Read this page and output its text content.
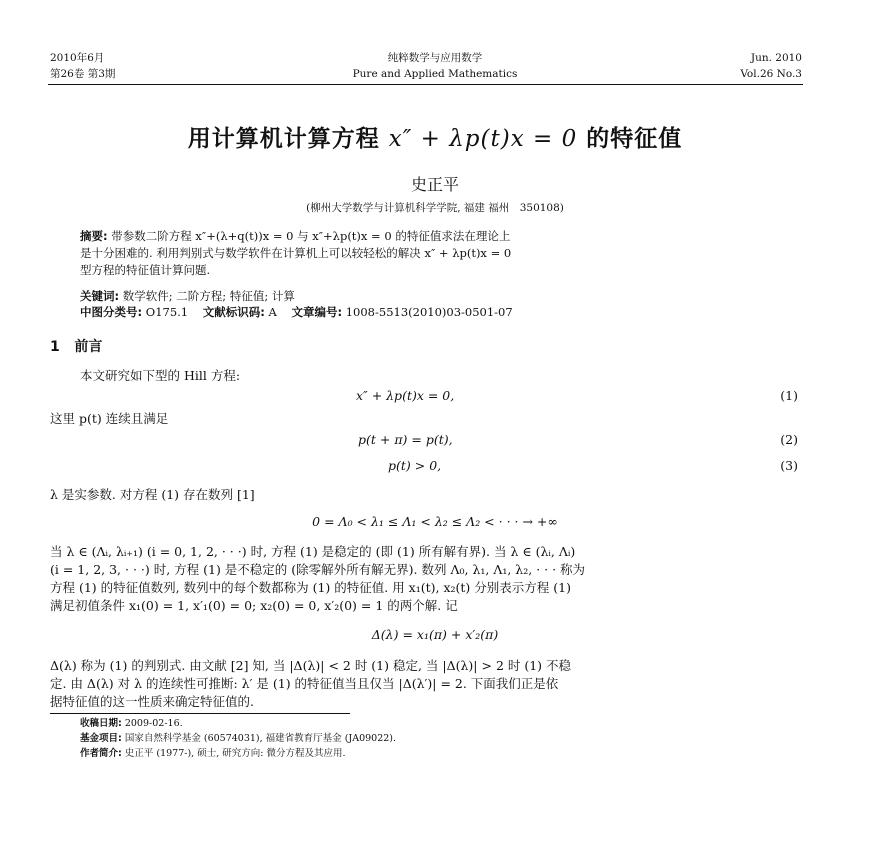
2010年6月
第26卷 第3期
纯粹数学与应用数学
Pure and Applied Mathematics
Jun. 2010
Vol.26 No.3
用计算机计算方程 x″ + λp(t)x = 0 的特征值
史正平
(柳州大学数学与计算机科学学院, 福建 福州　350108)
摘要: 带参数二阶方程 x″+(λ+q(t))x = 0 与 x″+λp(t)x = 0 的特征值求法在理论上
是十分困难的. 利用判别式与数学软件在计算机上可以较轻松的解决 x″ + λp(t)x = 0
型方程的特征值计算问题.
关键词: 数学软件; 二阶方程; 特征值; 计算
中图分类号: O175.1 文献标识码: A 文章编号: 1008-5513(2010)03-0501-07
1 前言
本文研究如下型的 Hill 方程:
x″ + λp(t)x = 0,	(1)
这里 p(t) 连续且满足
p(t + π) = p(t),	(2)
p(t) > 0,	(3)
λ 是实参数. 对方程 (1) 存在数列 [1]
0 = Λ₀ < λ₁ ≤ Λ₁ < λ₂ ≤ Λ₂ < · · · → +∞
当 λ ∈ (Λᵢ, λᵢ₊₁) (i = 0, 1, 2, · · ·) 时, 方程 (1) 是稳定的 (即 (1) 所有解有界). 当 λ ∈ (λᵢ, Λᵢ)
(i = 1, 2, 3, · · ·) 时, 方程 (1) 是不稳定的 (除零解外所有解无界). 数列 Λ₀, λ₁, Λ₁, λ₂, · · · 称为
方程 (1) 的特征值数列, 数列中的每个数都称为 (1) 的特征值. 用 x₁(t), x₂(t) 分别表示方程 (1)
满足初值条件 x₁(0) = 1, x′₁(0) = 0; x₂(0) = 0, x′₂(0) = 1 的两个解. 记
Δ(λ) = x₁(π) + x′₂(π)
Δ(λ) 称为 (1) 的判别式. 由文献 [2] 知, 当 |Δ(λ)| < 2 时 (1) 稳定, 当 |Δ(λ)| > 2 时 (1) 不稳
定. 由 Δ(λ) 对 λ 的连续性可推断: λ′ 是 (1) 的特征值当且仅当 |Δ(λ′)| = 2. 下面我们正是依
据特征值的这一性质来确定特征值的.
收稿日期: 2009-02-16.
基金项目: 国家自然科学基金 (60574031), 福建省教育厅基金 (JA09022).
作者简介: 史正平 (1977-), 硕士, 研究方向: 微分方程及其应用.
